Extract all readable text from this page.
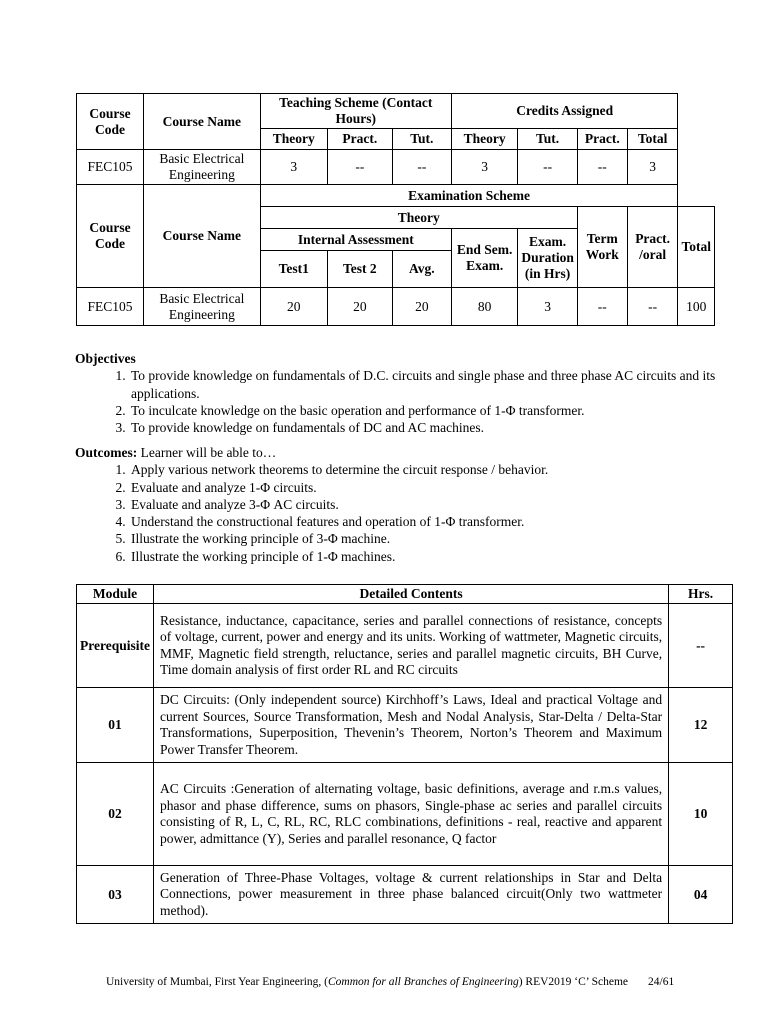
Course Code	Course Name	Teaching Scheme (Contact Hours)			Credits Assigned				
		Theory	Pract.	Tut.	Theory	Tut.	Pract.	Total	
FEC105	Basic Electrical Engineering	3	--	--	3	--	--	3	
Course Code	Course Name	Examination Scheme							
		Theory					Term Work	Pract. /oral	Total
		Internal Assessment			End Sem. Exam.	Exam. Duration (in Hrs)			
		Test1	Test 2	Avg.					
FEC105	Basic Electrical Engineering	20	20	20	80	3	--	--	100
Objectives
1. To provide knowledge on fundamentals of D.C. circuits and single phase and three phase AC circuits and its applications.
2. To inculcate knowledge on the basic operation and performance of 1-Φ transformer.
3. To provide knowledge on fundamentals of DC and AC machines.
Outcomes: Learner will be able to…
1. Apply various network theorems to determine the circuit response / behavior.
2. Evaluate and analyze 1-Φ circuits.
3. Evaluate and analyze 3-Φ AC circuits.
4. Understand the constructional features and operation of 1-Φ transformer.
5. Illustrate the working principle of 3-Φ machine.
6. Illustrate the working principle of 1-Φ machines.
Module	Detailed Contents	Hrs.
Prerequisite	Resistance, inductance, capacitance, series and parallel connections of resistance, concepts of voltage, current, power and energy and its units. Working of wattmeter, Magnetic circuits, MMF, Magnetic field strength, reluctance, series and parallel magnetic circuits, BH Curve, Time domain analysis of first order RL and RC circuits	--
01	DC Circuits: (Only independent source) Kirchhoff’s Laws, Ideal and practical Voltage and current Sources, Source Transformation, Mesh and Nodal Analysis, Star-Delta / Delta-Star Transformations, Superposition, Thevenin’s Theorem, Norton’s Theorem and Maximum Power Transfer Theorem.	12
02	AC Circuits :Generation of alternating voltage, basic definitions, average and r.m.s values, phasor and phase difference, sums on phasors, Single-phase ac series and parallel circuits consisting of R, L, C, RL, RC, RLC combinations, definitions - real, reactive and apparent power, admittance (Y), Series and parallel resonance, Q factor	10
03	Generation of Three-Phase Voltages, voltage & current relationships in Star and Delta Connections, power measurement in three phase balanced circuit(Only two wattmeter method).	04
University of Mumbai, First Year Engineering, (Common for all Branches of Engineering) REV2019 ‘C’ Scheme 24/61
